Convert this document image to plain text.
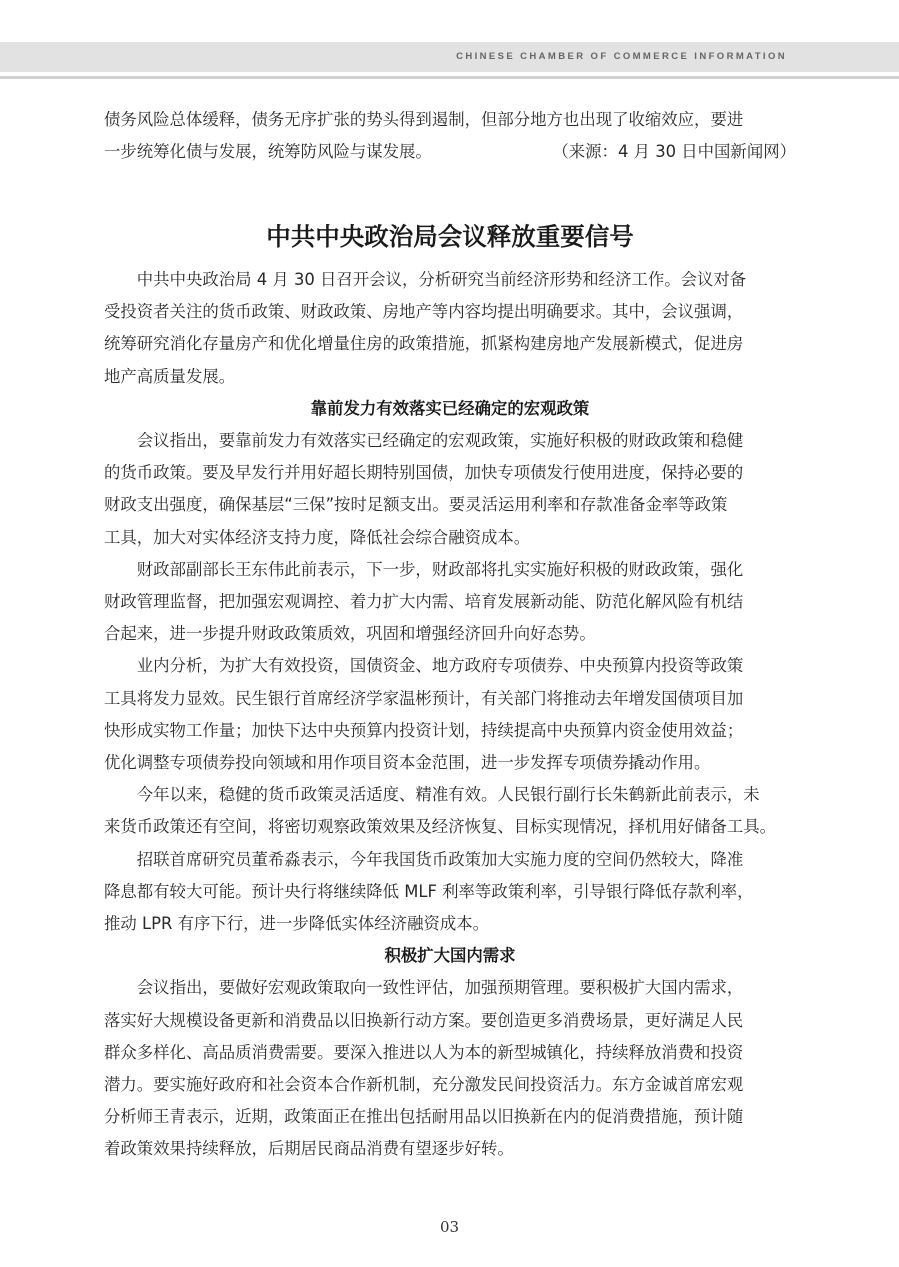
CHINESE CHAMBER OF COMMERCE INFORMATION

债务风险总体缓释，债务无序扩张的势头得到遏制，但部分地方也出现了收缩效应，要进

一步统筹化债与发展，统筹防风险与谋发展。	（来源：4 月 30 日中国新闻网）
中共中央政治局会议释放重要信号

中共中央政治局 4 月 30 日召开会议，分析研究当前经济形势和经济工作。会议对备
受投资者关注的货币政策、财政政策、房地产等内容均提出明确要求。其中，会议强调，
统筹研究消化存量房产和优化增量住房的政策措施，抓紧构建房地产发展新模式，促进房
地产高质量发展。

靠前发力有效落实已经确定的宏观政策

会议指出，要靠前发力有效落实已经确定的宏观政策，实施好积极的财政政策和稳健
的货币政策。要及早发行并用好超长期特别国债，加快专项债发行使用进度，保持必要的
财政支出强度，确保基层“三保”按时足额支出。要灵活运用利率和存款准备金率等政策
工具，加大对实体经济支持力度，降低社会综合融资成本。

财政部副部长王东伟此前表示，下一步，财政部将扎实实施好积极的财政政策，强化
财政管理监督，把加强宏观调控、着力扩大内需、培育发展新动能、防范化解风险有机结
合起来，进一步提升财政政策质效，巩固和增强经济回升向好态势。

业内分析，为扩大有效投资，国债资金、地方政府专项债券、中央预算内投资等政策
工具将发力显效。民生银行首席经济学家温彬预计，有关部门将推动去年增发国债项目加
快形成实物工作量；加快下达中央预算内投资计划，持续提高中央预算内资金使用效益；
优化调整专项债券投向领域和用作项目资本金范围，进一步发挥专项债券撬动作用。

今年以来，稳健的货币政策灵活适度、精准有效。人民银行副行长朱鹤新此前表示，未
来货币政策还有空间，将密切观察政策效果及经济恢复、目标实现情况，择机用好储备工具。

招联首席研究员董希淼表示，今年我国货币政策加大实施力度的空间仍然较大，降准
降息都有较大可能。预计央行将继续降低 MLF 利率等政策利率，引导银行降低存款利率，
推动 LPR 有序下行，进一步降低实体经济融资成本。

积极扩大国内需求

会议指出，要做好宏观政策取向一致性评估，加强预期管理。要积极扩大国内需求，
落实好大规模设备更新和消费品以旧换新行动方案。要创造更多消费场景，更好满足人民
群众多样化、高品质消费需要。要深入推进以人为本的新型城镇化，持续释放消费和投资
潜力。要实施好政府和社会资本合作新机制，充分激发民间投资活力。东方金诚首席宏观
分析师王青表示，近期，政策面正在推出包括耐用品以旧换新在内的促消费措施，预计随
着政策效果持续释放，后期居民商品消费有望逐步好转。

03
